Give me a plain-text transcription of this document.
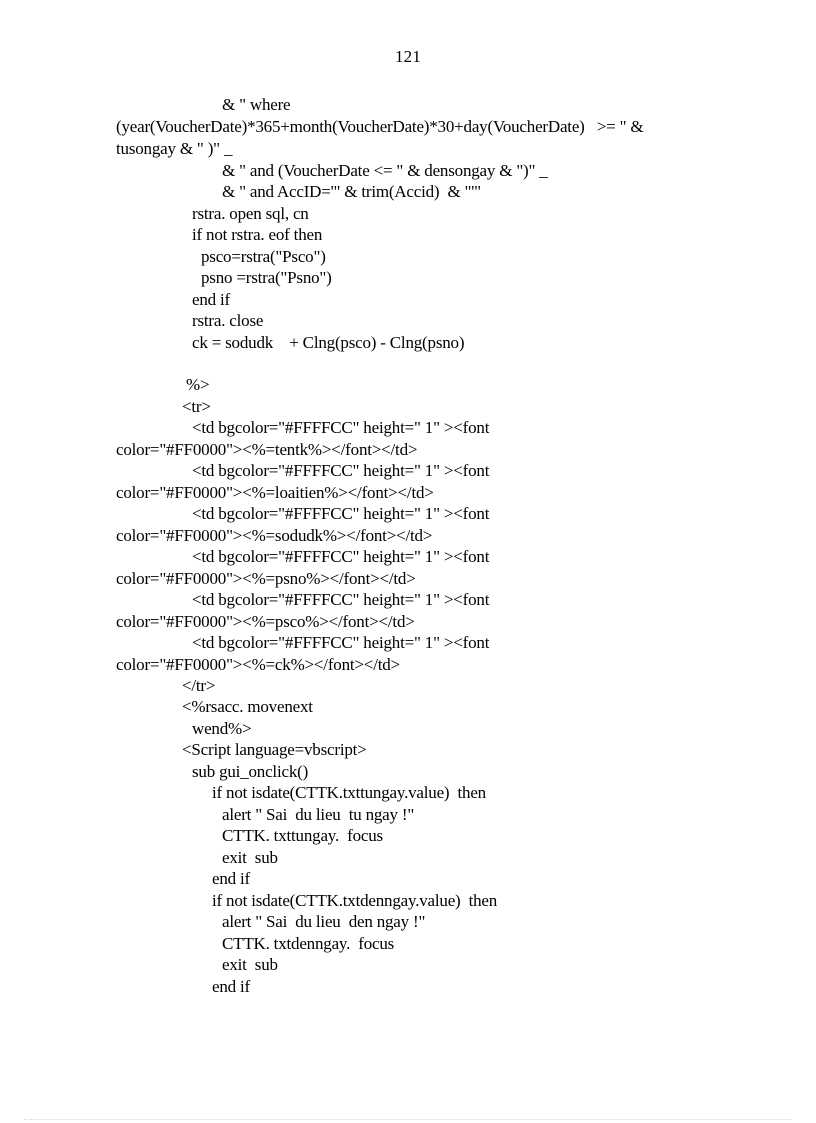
121
& " where
(year(VoucherDate)*365+month(VoucherDate)*30+day(VoucherDate)   >= " &
tusongay & " )" _
& " and (VoucherDate <= " & densongay & ")" _
& " and AccID='" & trim(Accid)  & "'"
rstra. open sql, cn
if not rstra. eof then
psco=rstra("Psco")
psno =rstra("Psno")
end if
rstra. close
ck = sodudk    + Clng(psco) - Clng(psno)
%>
<tr>
<td bgcolor="#FFFFCC" height=" 1" ><font
color="#FF0000"><%=tentk%></font></td>
<td bgcolor="#FFFFCC" height=" 1" ><font
color="#FF0000"><%=loaitien%></font></td>
<td bgcolor="#FFFFCC" height=" 1" ><font
color="#FF0000"><%=sodudk%></font></td>
<td bgcolor="#FFFFCC" height=" 1" ><font
color="#FF0000"><%=psno%></font></td>
<td bgcolor="#FFFFCC" height=" 1" ><font
color="#FF0000"><%=psco%></font></td>
<td bgcolor="#FFFFCC" height=" 1" ><font
color="#FF0000"><%=ck%></font></td>
</tr>
<%rsacc. movenext
wend%>
<Script language=vbscript>
sub gui_onclick()
if not isdate(CTTK.txttungay.value)  then
alert " Sai  du lieu  tu ngay !"
CTTK. txttungay.  focus
exit  sub
end if
if not isdate(CTTK.txtdenngay.value)  then
alert " Sai  du lieu  den ngay !"
CTTK. txtdenngay.  focus
exit  sub
end if
